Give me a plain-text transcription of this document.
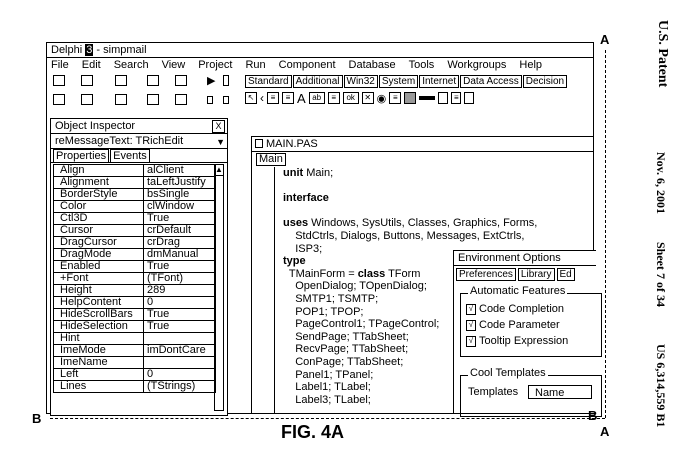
Delphi 3 - simpmail
File Edit Search View Project Run Component Database Tools Workgroups Help
▶	Standard Additional Win32 System Internet Data Access Decision
↖ ‹ ≡	≡ A ab	≡	ok	✕ ◉ ≡	≡
Object Inspector	X
reMessageText: TRichEdit	▼
Properties Events
Align	alClient
Alignment	taLeftJustify
BorderStyle	bsSingle
Color	clWindow
Ctl3D	True
Cursor	crDefault
DragCursor	crDrag
DragMode	dmManual
Enabled	True
+Font	(TFont)
Height	289
HelpContent	0
HideScrollBars	True
HideSelection	True
Hint	
ImeMode	imDontCare
ImeName	
Left	0
Lines	(TStrings)
▲
MAIN.PAS
Main
unit Main;

interface

uses Windows, SysUtils, Classes, Graphics, Forms,
StdCtrls, Dialogs, Buttons, Messages, ExtCtrls,
ISP3;
type
TMainForm = class TForm
OpenDialog; TOpenDialog;
SMTP1; TSMTP;
POP1; TPOP;
PageControl1; TPageControl;
SendPage; TTabSheet;
RecvPage; TTabSheet;
ConPage; TTabSheet;
Panel1; TPanel;
Label1; TLabel;
Label3; TLabel;
Environment Options
Preferences Library Ed
Automatic Features
√ Code Completion
√ Code Parameter
√ Tooltip Expression
Cool Templates
Templates	Name
A
A
B	B
FIG. 4A
U.S. Patent
Nov. 6, 2001
Sheet 7 of 34
US 6,314,559 B1
